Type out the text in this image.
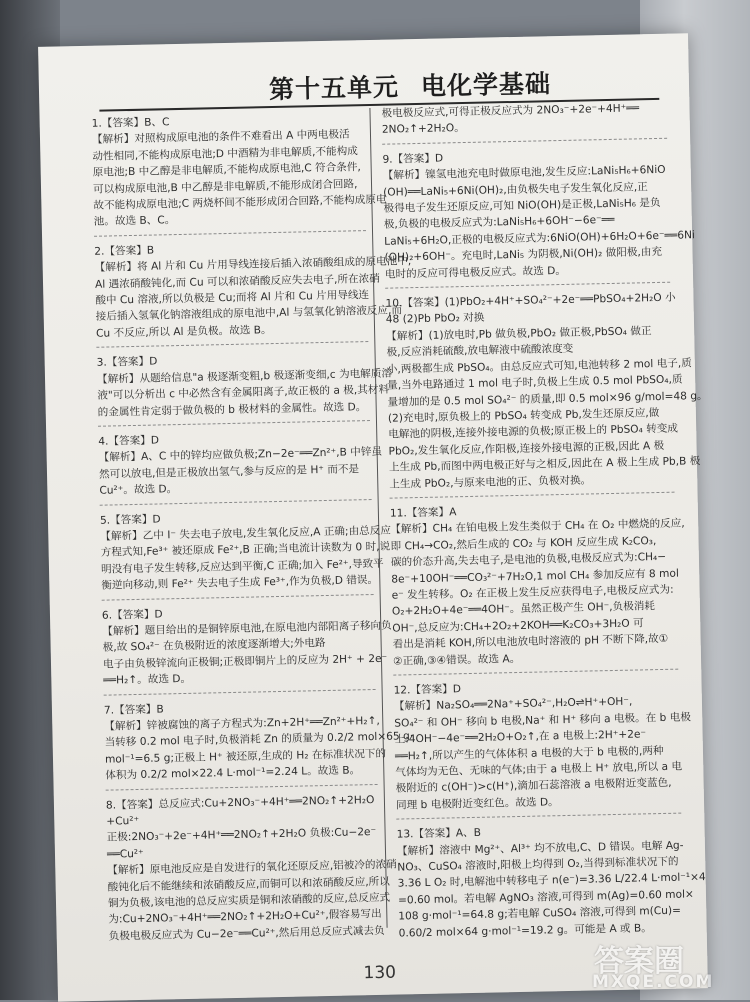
第十五单元 电化学基础
1.【答案】B、C
【解析】对照构成原电池的条件不难看出 A 中两电极活
动性相同,不能构成原电池;D 中酒精为非电解质,不能构成
原电池;B 中乙醇是非电解质,不能构成原电池,C 符合条件,
可以构成原电池,B 中乙醇是非电解质,不能形成闭合回路,
故不能构成原电池;C 两烧杯间不能形成闭合回路,不能构成原电
池。故选 B、C。
2.【答案】B
【解析】将 Al 片和 Cu 片用导线连接后插入浓硝酸组成的原电池中,
Al 遇浓硝酸钝化,而 Cu 可以和浓硝酸反应失去电子,所在浓硝
酸中 Cu 溶液,所以负极是 Cu;而将 Al 片和 Cu 片用导线连
接后插入氢氧化钠溶液组成的原电池中,Al 与氢氧化钠溶液反应,而
Cu 不反应,所以 Al 是负极。故选 B。
3.【答案】D
【解析】从题给信息"a 极逐渐变粗,b 极逐渐变细,c 为电解质溶
液"可以分析出 c 中必然含有金属阳离子,故正极的 a 极,其材料
的金属性肯定弱于做负极的 b 极材料的金属性。故选 D。
4.【答案】D
【解析】A、C 中的锌均应做负极;Zn−2e⁻══Zn²⁺,B 中锌虽
然可以放电,但是正极放出氢气,参与反应的是 H⁺ 而不是
Cu²⁺。故选 D。
5.【答案】D
【解析】乙中 I⁻ 失去电子放电,发生氧化反应,A 正确;由总反应
方程式知,Fe³⁺ 被还原成 Fe²⁺,B 正确;当电流计读数为 0 时,说
明没有电子发生转移,反应达到平衡,C 正确;加入 Fe²⁺,导致平
衡逆向移动,则 Fe²⁺ 失去电子生成 Fe³⁺,作为负极,D 错误。
6.【答案】D
【解析】题目给出的是铜锌原电池,在原电池内部阳离子移向负
极,故 SO₄²⁻ 在负极附近的浓度逐渐增大;外电路
电子由负极锌流向正极铜;正极即铜片上的反应为 2H⁺ + 2e⁻
══H₂↑。故选 D。
7.【答案】B
【解析】锌被腐蚀的离子方程式为:Zn+2H⁺══Zn²⁺+H₂↑,
当转移 0.2 mol 电子时,负极消耗 Zn 的质量为 0.2/2 mol×65 g·
mol⁻¹=6.5 g;正极上 H⁺ 被还原,生成的 H₂ 在标准状况下的
体积为 0.2/2 mol×22.4 L·mol⁻¹=2.24 L。故选 B。
8.【答案】总反应式:Cu+2NO₃⁻+4H⁺══2NO₂↑+2H₂O
+Cu²⁺
正极:2NO₃⁻+2e⁻+4H⁺══2NO₂↑+2H₂O 负极:Cu−2e⁻
══Cu²⁺
【解析】原电池反应是自发进行的氧化还原反应,铝被冷的浓硝
酸钝化后不能继续和浓硝酸反应,而铜可以和浓硝酸反应,所以
铜为负极,该电池的总反应实质是铜和浓硝酸的反应,总反应式
为:Cu+2NO₃⁻+4H⁺══2NO₂↑+2H₂O+Cu²⁺,假容易写出
负极电极反应式为 Cu−2e⁻══Cu²⁺,然后用总反应式减去负
极电极反应式,可得正极反应式为 2NO₃⁻+2e⁻+4H⁺══
2NO₂↑+2H₂O。
9.【答案】D
【解析】镍氢电池充电时做原电池,发生反应:LaNi₅H₆+6NiO
(OH)══LaNi₅+6Ni(OH)₂,由负极失电子发生氧化反应,正
极得电子发生还原反应,可知 NiO(OH)是正极,LaNi₅H₆ 是负
极,负极的电极反应式为:LaNi₅H₆+6OH⁻−6e⁻══
LaNi₅+6H₂O,正极的电极反应式为:6NiO(OH)+6H₂O+6e⁻══6Ni
(OH)₂+6OH⁻。充电时,LaNi₅ 为阴极,Ni(OH)₂ 做阳极,由充
电时的反应可得电极反应式。故选 D。
10.【答案】(1)PbO₂+4H⁺+SO₄²⁻+2e⁻══PbSO₄+2H₂O 小
48 (2)Pb PbO₂ 对换
【解析】(1)放电时,Pb 做负极,PbO₂ 做正极,PbSO₄ 做正
极,反应消耗硫酸,放电解液中硫酸浓度变
小,两极都生成 PbSO₄。由总反应式可知,电池转移 2 mol 电子,质
量,当外电路通过 1 mol 电子时,负极上生成 0.5 mol PbSO₄,质
量增加的是 0.5 mol SO₄²⁻ 的质量,即 0.5 mol×96 g/mol=48 g。
(2)充电时,原负极上的 PbSO₄ 转变成 Pb,发生还原反应,做
电解池的阴极,连接外接电源的负极;原正极上的 PbSO₄ 转变成
PbO₂,发生氧化反应,作阳极,连接外接电源的正极,因此 A 极
上生成 Pb,而图中两电极正好与之相反,因此在 A 极上生成 Pb,B 极
上生成 PbO₂,与原来电池的正、负极对换。
11.【答案】A
【解析】CH₄ 在铂电极上发生类似于 CH₄ 在 O₂ 中燃烧的反应,
即 CH₄→CO₂,然后生成的 CO₂ 与 KOH 反应生成 K₂CO₃,
碳的价态升高,失去电子,是电池的负极,电极反应式为:CH₄−
8e⁻+10OH⁻══CO₃²⁻+7H₂O,1 mol CH₄ 参加反应有 8 mol
e⁻ 发生转移。O₂ 在正极上发生反应获得电子,电极反应式为:
O₂+2H₂O+4e⁻══4OH⁻。虽然正极产生 OH⁻,负极消耗
OH⁻,总反应为:CH₄+2O₂+2KOH══K₂CO₃+3H₂O 可
看出是消耗 KOH,所以电池放电时溶液的 pH 不断下降,故①
②正确,③④错误。故选 A。
12.【答案】D
【解析】Na₂SO₄══2Na⁺+SO₄²⁻,H₂O⇌H⁺+OH⁻,
SO₄²⁻ 和 OH⁻ 移向 b 电极,Na⁺ 和 H⁺ 移向 a 电极。在 b 电极
上:4OH⁻−4e⁻══2H₂O+O₂↑,在 a 电极上:2H⁺+2e⁻
══H₂↑,所以产生的气体体积 a 电极的大于 b 电极的,两种
气体均为无色、无味的气体;由于 a 电极上 H⁺ 放电,所以 a 电
极附近的 c(OH⁻)>c(H⁺),滴加石蕊溶液 a 电极附近变蓝色,
同理 b 电极附近变红色。故选 D。
13.【答案】A、B
【解析】溶液中 Mg²⁺、Al³⁺ 均不放电,C、D 错误。电解 Ag-
NO₃、CuSO₄ 溶液时,阳极上均得到 O₂,当得到标准状况下的
3.36 L O₂ 时,电解池中转移电子 n(e⁻)=3.36 L/22.4 L·mol⁻¹×4
=0.60 mol。若电解 AgNO₃ 溶液,可得到 m(Ag)=0.60 mol×
108 g·mol⁻¹=64.8 g;若电解 CuSO₄ 溶液,可得到 m(Cu)=
0.60/2 mol×64 g·mol⁻¹=19.2 g。可能是 A 或 B。
130	答案圈
MXQE.COM
